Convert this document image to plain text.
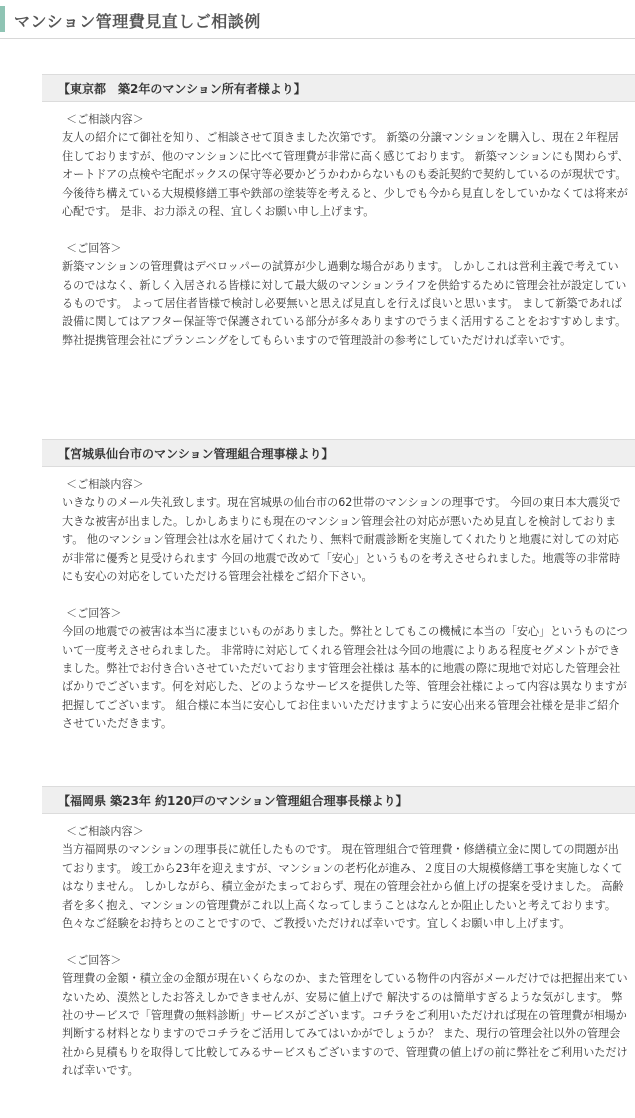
マンション管理費見直しご相談例
【東京都　築2年のマンション所有者様より】
＜ご相談内容＞

友人の紹介にて御社を知り、ご相談させて頂きました次第です。 新築の分譲マンションを購入し、現在２年程居住しておりますが、他のマンションに比べて管理費が非常に高く感じております。 新築マンションにも関わらず、オートドアの点検や宅配ボックスの保守等必要かどうかわからないものも委託契約で契約しているのが現状です。 今後待ち構えている大規模修繕工事や鉄部の塗装等を考えると、少しでも今から見直しをしていかなくては将来が心配です。 是非、お力添えの程、宜しくお願い申し上げます。

＜ご回答＞

新築マンションの管理費はデベロッパーの試算が少し過剰な場合があります。 しかしこれは営利主義で考えているのではなく、新しく入居される皆様に対して最大級のマンションライフを供給するために管理会社が設定しているものです。 よって居住者皆様で検討し必要無いと思えば見直しを行えば良いと思います。 まして新築であれば設備に関してはアフター保証等で保護されている部分が多々ありますのでうまく活用することをおすすめします。 弊社提携管理会社にプランニングをしてもらいますので管理設計の参考にしていただければ幸いです。

【宮城県仙台市のマンション管理組合理事様より】
＜ご相談内容＞

いきなりのメール失礼致します。現在宮城県の仙台市の62世帯のマンションの理事です。 今回の東日本大震災で大きな被害が出ました。しかしあまりにも現在のマンション管理会社の対応が悪いため見直しを検討しております。 他のマンション管理会社は水を届けてくれたり、無料で耐震診断を実施してくれたりと地震に対しての対応が非常に優秀と見受けられます 今回の地震で改めて「安心」というものを考えさせられました。地震等の非常時にも安心の対応をしていただける管理会社様をご紹介下さい。

＜ご回答＞

今回の地震での被害は本当に凄まじいものがありました。弊社としてもこの機械に本当の「安心」というものについて一度考えさせられました。 非常時に対応してくれる管理会社は今回の地震によりある程度セグメントができました。弊社でお付き合いさせていただいております管理会社様は 基本的に地震の際に現地で対応した管理会社ばかりでございます。何を対応した、どのようなサービスを提供した等、管理会社様によって内容は異なりますが把握してございます。 組合様に本当に安心してお住まいいただけますように安心出来る管理会社様を是非ご紹介させていただきます。

【福岡県 築23年 約120戸のマンション管理組合理事長様より】
＜ご相談内容＞

当方福岡県のマンションの理事長に就任したものです。 現在管理組合で管理費・修繕積立金に関しての問題が出ております。 竣工から23年を迎えますが、マンションの老朽化が進み、２度目の大規模修繕工事を実施しなくてはなりません。 しかしながら、積立金がたまっておらず、現在の管理会社から値上げの提案を受けました。 高齢者を多く抱え、マンションの管理費がこれ以上高くなってしまうことはなんとか阻止したいと考えております。 色々なご経験をお持ちとのことですので、ご教授いただければ幸いです。宜しくお願い申し上げます。

＜ご回答＞

管理費の金額・積立金の金額が現在いくらなのか、また管理をしている物件の内容がメールだけでは把握出来ていないため、漠然としたお答えしかできませんが、安易に値上げで 解決するのは簡単すぎるような気がします。 弊社のサービスで「管理費の無料診断」サービスがございます。コチラをご利用いただければ現在の管理費が相場か判断する材料となりますのでコチラをご活用してみてはいかがでしょうか？ また、現行の管理会社以外の管理会社から見積もりを取得して比較してみるサービスもございますので、管理費の値上げの前に弊社をご利用いただければ幸いです。
